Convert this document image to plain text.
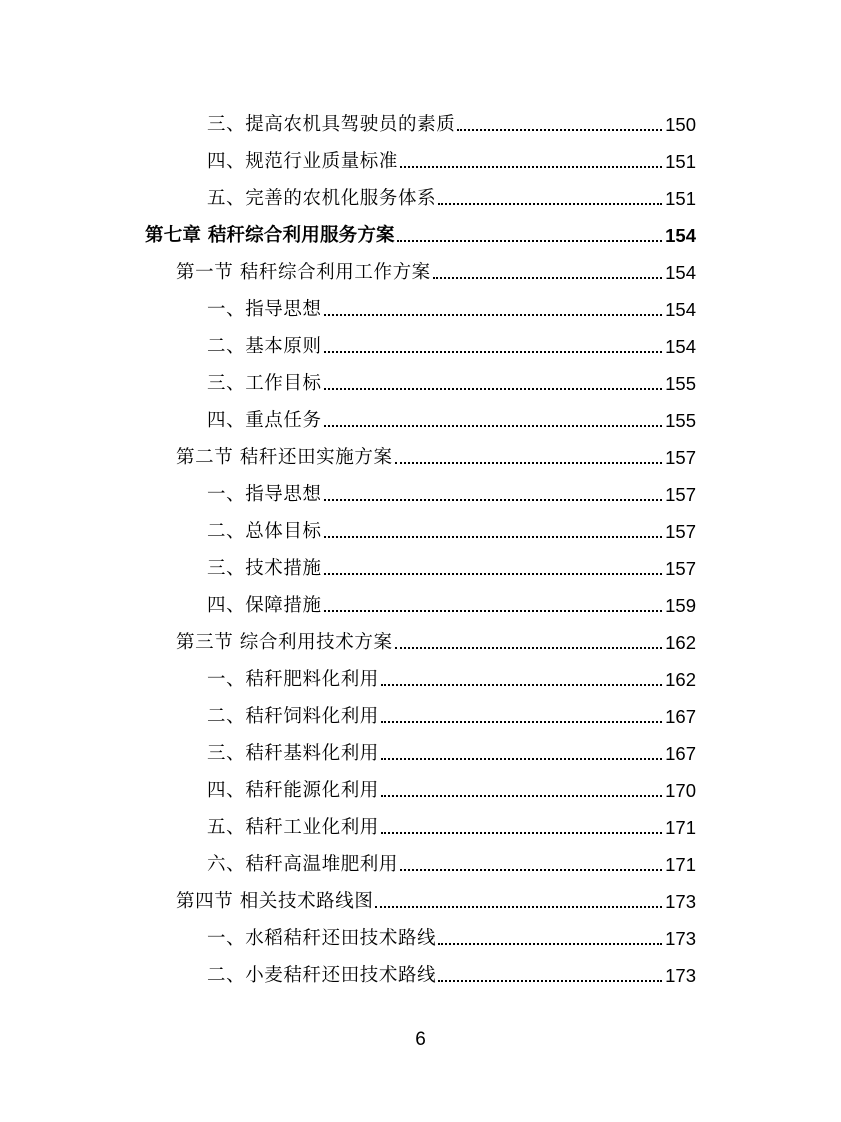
三、提高农机具驾驶员的素质	150
四、规范行业质量标准	151
五、完善的农机化服务体系	151
第七章 秸秆综合利用服务方案	154
第一节 秸秆综合利用工作方案	154
一、指导思想	154
二、基本原则	154
三、工作目标	155
四、重点任务	155
第二节 秸秆还田实施方案	157
一、指导思想	157
二、总体目标	157
三、技术措施	157
四、保障措施	159
第三节 综合利用技术方案	162
一、秸秆肥料化利用	162
二、秸秆饲料化利用	167
三、秸秆基料化利用	167
四、秸秆能源化利用	170
五、秸秆工业化利用	171
六、秸秆高温堆肥利用	171
第四节 相关技术路线图	173
一、水稻秸秆还田技术路线	173
二、小麦秸秆还田技术路线	173
6
